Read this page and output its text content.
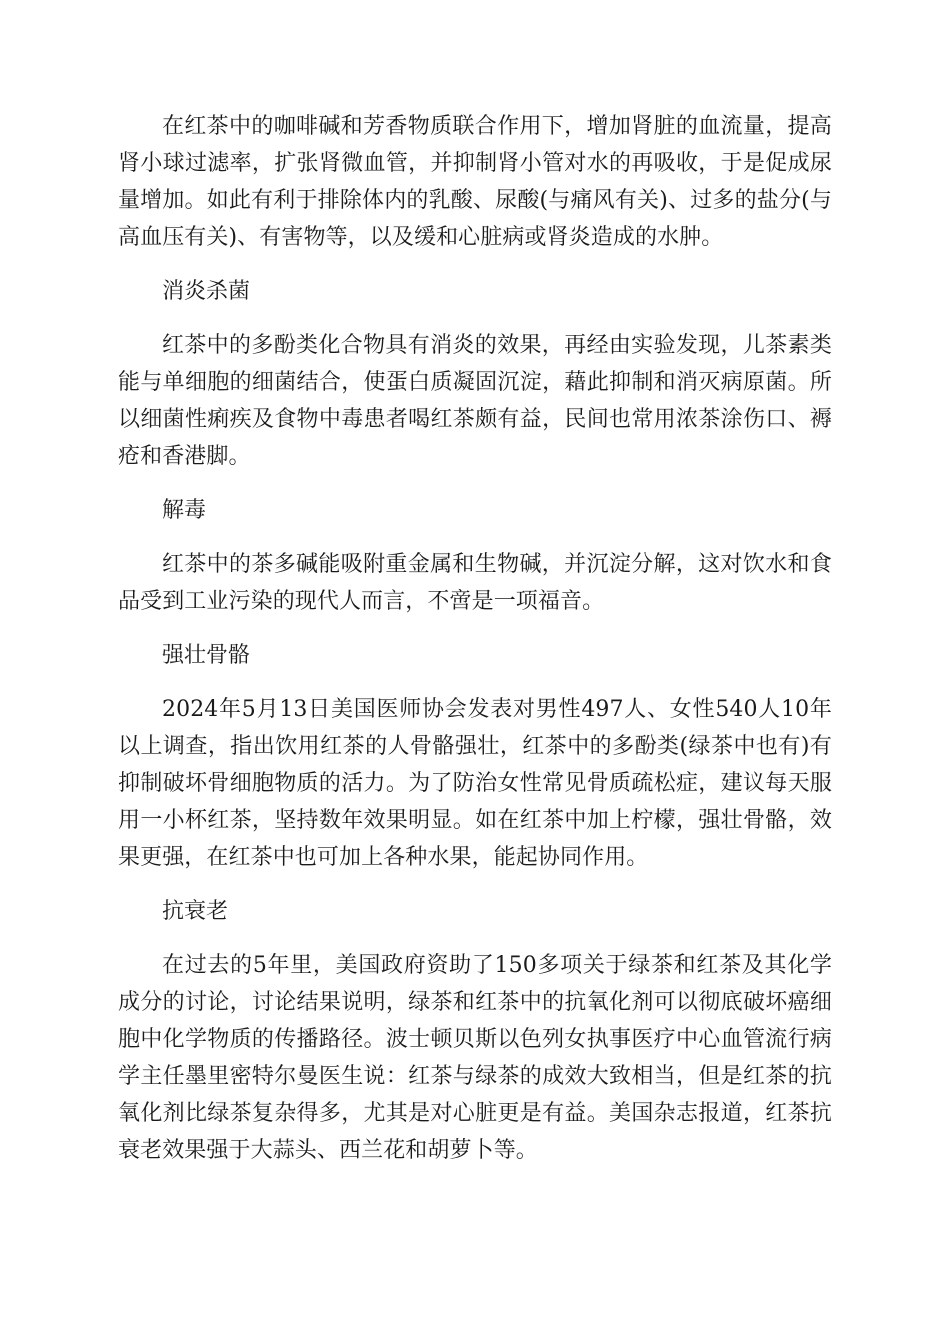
在红茶中的咖啡碱和芳香物质联合作用下，增加肾脏的血流量，提高肾小球过滤率，扩张肾微血管，并抑制肾小管对水的再吸收，于是促成尿量增加。如此有利于排除体内的乳酸、尿酸(与痛风有关)、过多的盐分(与高血压有关)、有害物等，以及缓和心脏病或肾炎造成的水肿。

消炎杀菌

红茶中的多酚类化合物具有消炎的效果，再经由实验发现，儿茶素类能与单细胞的细菌结合，使蛋白质凝固沉淀，藉此抑制和消灭病原菌。所以细菌性痢疾及食物中毒患者喝红茶颇有益，民间也常用浓茶涂伤口、褥疮和香港脚。

解毒

红茶中的茶多碱能吸附重金属和生物碱，并沉淀分解，这对饮水和食品受到工业污染的现代人而言，不啻是一项福音。

强壮骨骼

2024年5月13日美国医师协会发表对男性497人、女性540人10年以上调查，指出饮用红茶的人骨骼强壮，红茶中的多酚类(绿茶中也有)有抑制破坏骨细胞物质的活力。为了防治女性常见骨质疏松症，建议每天服用一小杯红茶，坚持数年效果明显。如在红茶中加上柠檬，强壮骨骼，效果更强，在红茶中也可加上各种水果，能起协同作用。

抗衰老

在过去的5年里，美国政府资助了150多项关于绿茶和红茶及其化学成分的讨论，讨论结果说明，绿茶和红茶中的抗氧化剂可以彻底破坏癌细胞中化学物质的传播路径。波士顿贝斯以色列女执事医疗中心血管流行病学主任墨里密特尔曼医生说：红茶与绿茶的成效大致相当，但是红茶的抗氧化剂比绿茶复杂得多，尤其是对心脏更是有益。美国杂志报道，红茶抗衰老效果强于大蒜头、西兰花和胡萝卜等。
